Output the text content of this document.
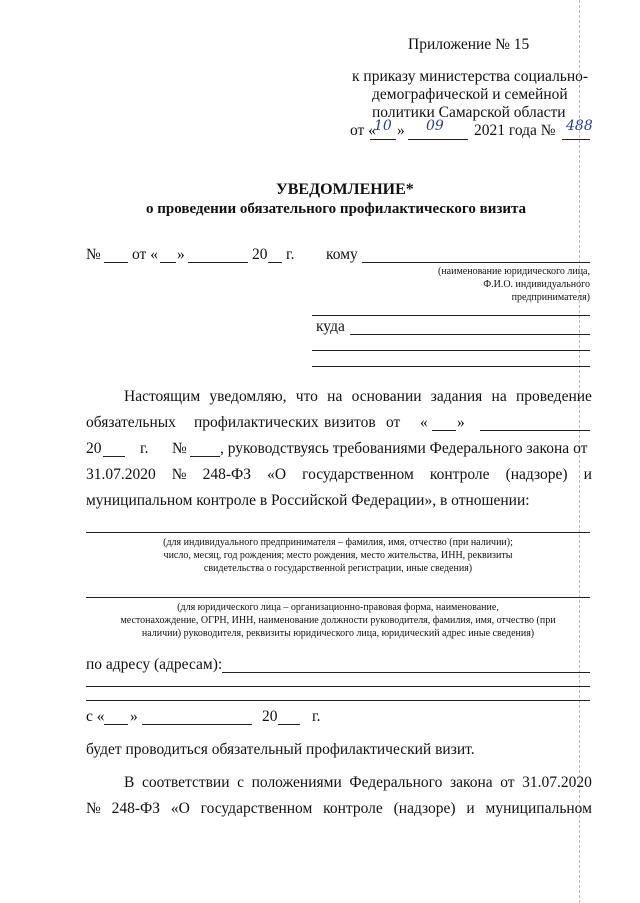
Приложение № 15
к приказу министерства социально-
демографической и семейной
политики Самарской области
от «
10 » 09 2021 года № 488
УВЕДОМЛЕНИЕ*
о проведении обязательного профилактического визита
№ от « »	20 г. кому
(наименование юридического лица,
Ф.И.О. индивидуального
предпринимателя)
куда
Настоящим уведомляю, что на основании задания на проведение
обязательных профилактических визитов от « »
20 г. № , руководствуясь требованиями Федерального закона от
31.07.2020 № 248-ФЗ «О государственном контроле (надзоре) и
муниципальном контроле в Российской Федерации», в отношении:
(для индивидуального предпринимателя – фамилия, имя, отчество (при наличии);
число, месяц, год рождения; место рождения, место жительства, ИНН, реквизиты
свидетельства о государственной регистрации, иные сведения)
(для юридического лица – организационно-правовая форма, наименование,
местонахождение, ОГРН, ИНН, наименование должности руководителя, фамилия, имя, отчество (при
наличии) руководителя, реквизиты юридического лица, юридический адрес иные сведения)
по адресу (адресам):
с « »	20 г.
будет проводиться обязательный профилактический визит.
В соответствии с положениями Федерального закона от 31.07.2020
№ 248-ФЗ «О государственном контроле (надзоре) и муниципальном
